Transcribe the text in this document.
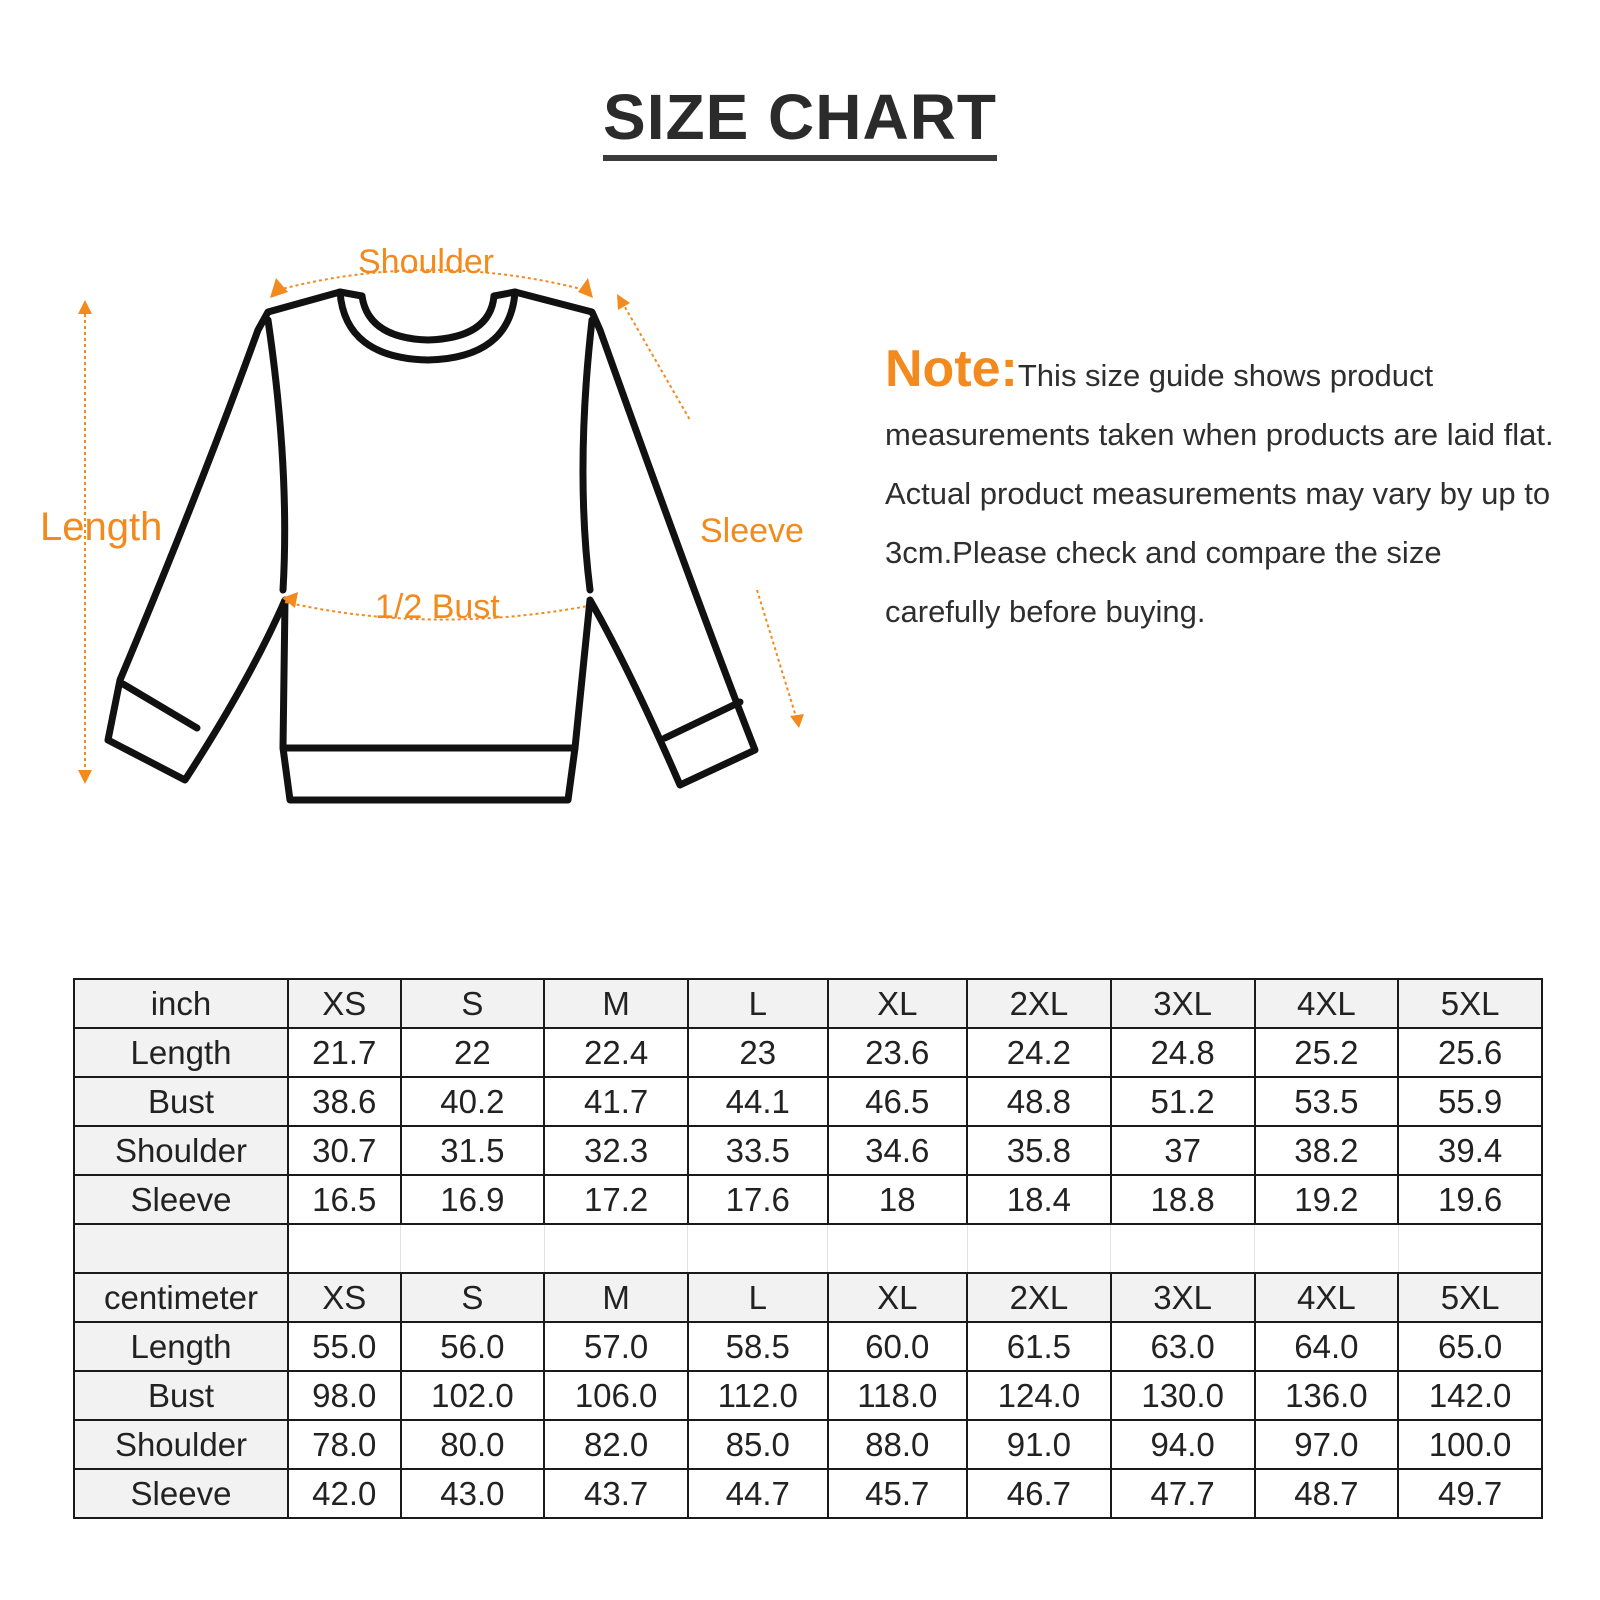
SIZE CHART
Shoulder
Length	Sleeve
1/2 Bust
Note:This size guide shows product measurements taken when products are laid flat. Actual product measurements may vary by up to 3cm.Please check and compare the size carefully before buying.
inch	XS	S	M	L	XL	2XL	3XL	4XL	5XL
Length	21.7	22	22.4	23	23.6	24.2	24.8	25.2	25.6
Bust	38.6	40.2	41.7	44.1	46.5	48.8	51.2	53.5	55.9
Shoulder	30.7	31.5	32.3	33.5	34.6	35.8	37	38.2	39.4
Sleeve	16.5	16.9	17.2	17.6	18	18.4	18.8	19.2	19.6

centimeter	XS	S	M	L	XL	2XL	3XL	4XL	5XL
Length	55.0	56.0	57.0	58.5	60.0	61.5	63.0	64.0	65.0
Bust	98.0	102.0	106.0	112.0	118.0	124.0	130.0	136.0	142.0
Shoulder	78.0	80.0	82.0	85.0	88.0	91.0	94.0	97.0	100.0
Sleeve	42.0	43.0	43.7	44.7	45.7	46.7	47.7	48.7	49.7
